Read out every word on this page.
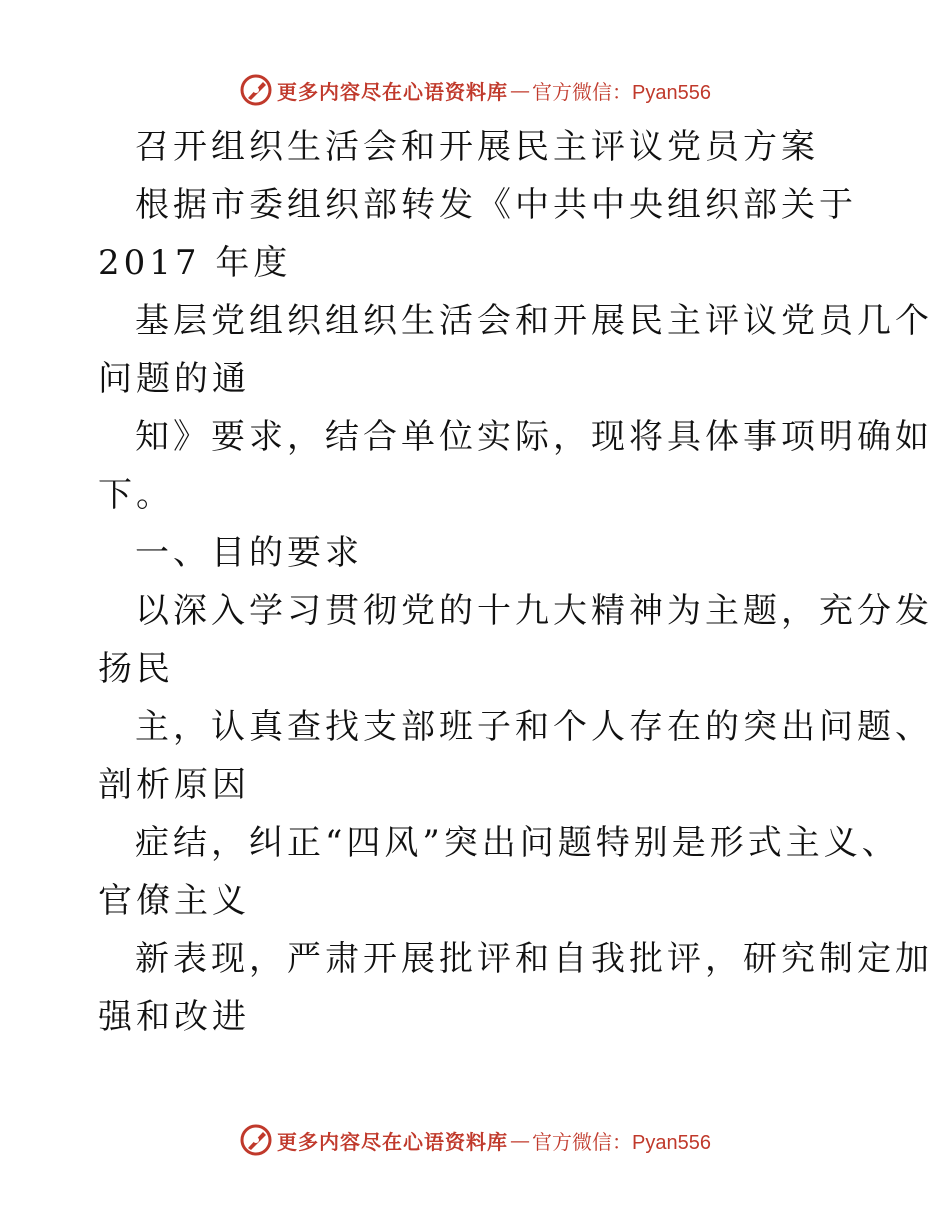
更多内容尽在心语资料库 — 官方微信：Pyan556
召开组织生活会和开展民主评议党员方案
根据市委组织部转发《中共中央组织部关于
2017 年度
基层党组织组织生活会和开展民主评议党员几个
问题的通
知》要求，结合单位实际，现将具体事项明确如
下。
一、目的要求
以深入学习贯彻党的十九大精神为主题，充分发
扬民
主，认真查找支部班子和个人存在的突出问题、
剖析原因
症结，纠正“四风”突出问题特别是形式主义、
官僚主义
新表现，严肃开展批评和自我批评，研究制定加
强和改进
更多内容尽在心语资料库 — 官方微信：Pyan556
